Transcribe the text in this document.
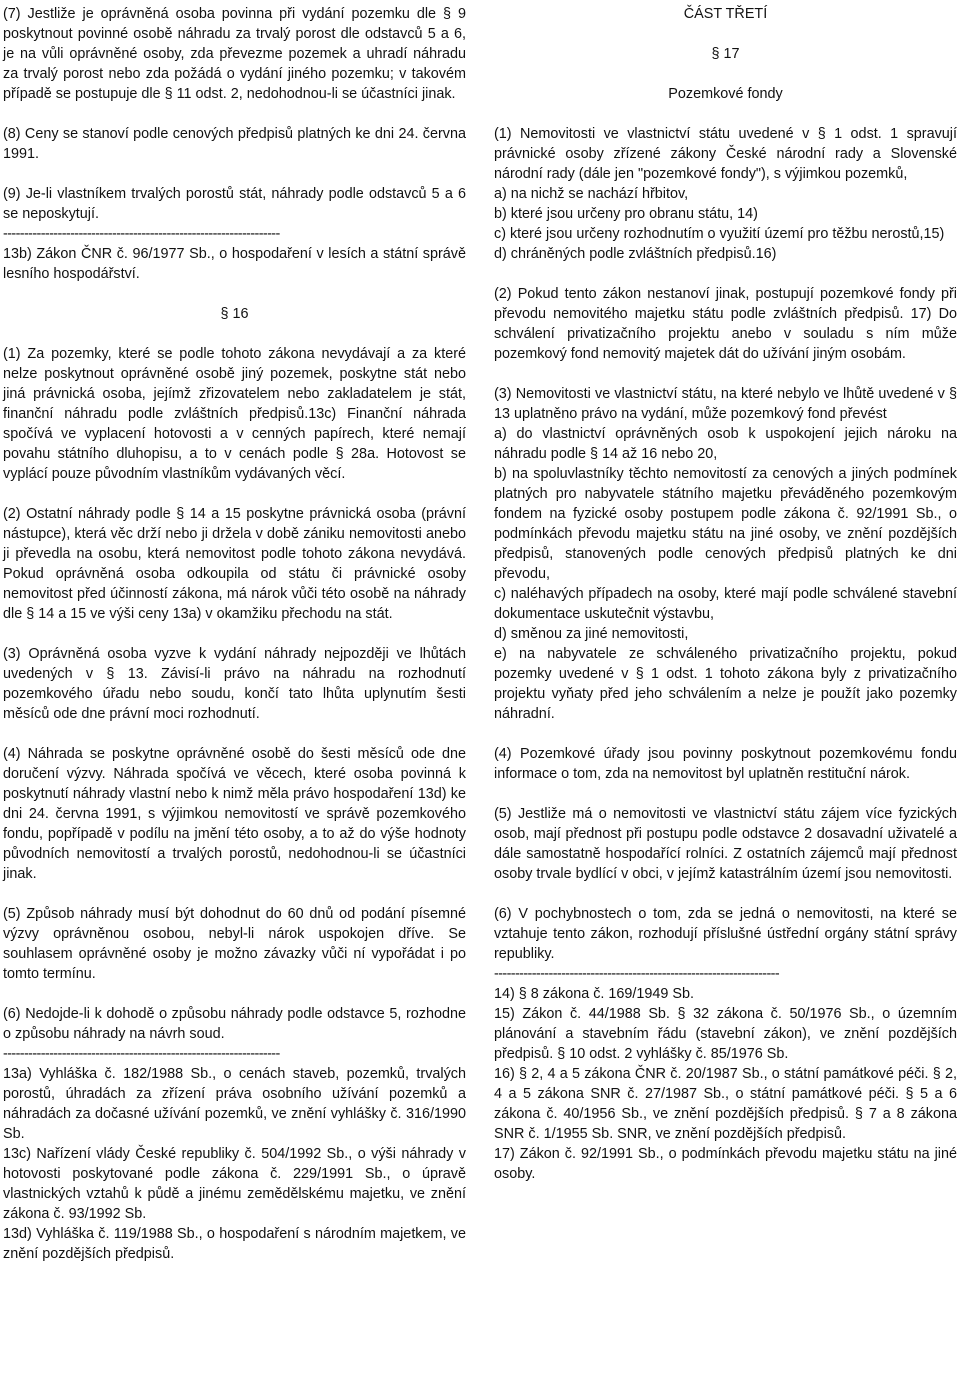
(7) Jestliže je oprávněná osoba povinna při vydání pozemku dle § 9 poskytnout povinné osobě náhradu za trvalý porost dle odstavců 5 a 6, je na vůli oprávněné osoby, zda převezme pozemek a uhradí náhradu za trvalý porost nebo zda požádá o vydání jiného pozemku; v takovém případě se postupuje dle § 11 odst. 2, nedohodnou-li se účastníci jinak.

(8) Ceny se stanoví podle cenových předpisů platných ke dni 24. června 1991.

(9) Je-li vlastníkem trvalých porostů stát, náhrady podle odstavců 5 a 6 se neposkytují.

------------------------------------------------------------------

13b) Zákon ČNR č. 96/1977 Sb., o hospodaření v lesích a státní správě lesního hospodářství.

§ 16

(1) Za pozemky, které se podle tohoto zákona nevydávají a za které nelze poskytnout oprávněné osobě jiný pozemek, poskytne stát nebo jiná právnická osoba, jejímž zřizovatelem nebo zakladatelem je stát, finanční náhradu podle zvláštních předpisů.13c) Finanční náhrada spočívá ve vyplacení hotovosti a v cenných papírech, které nemají povahu státního dluhopisu, a to v cenách podle § 28a. Hotovost se vyplácí pouze původním vlastníkům vydávaných věcí.

(2) Ostatní náhrady podle § 14 a 15 poskytne právnická osoba (právní nástupce), která věc drží nebo ji držela v době zániku nemovitosti anebo ji převedla na osobu, která nemovitost podle tohoto zákona nevydává. Pokud oprávněná osoba odkoupila od státu či právnické osoby nemovitost před účinností zákona, má nárok vůči této osobě na náhrady dle § 14 a 15 ve výši ceny 13a) v okamžiku přechodu na stát.

(3) Oprávněná osoba vyzve k vydání náhrady nejpozději ve lhůtách uvedených v § 13. Závisí-li právo na náhradu na rozhodnutí pozemkového úřadu nebo soudu, končí tato lhůta uplynutím šesti měsíců ode dne právní moci rozhodnutí.

(4) Náhrada se poskytne oprávněné osobě do šesti měsíců ode dne doručení výzvy. Náhrada spočívá ve věcech, které osoba povinná k poskytnutí náhrady vlastní nebo k nimž měla právo hospodaření 13d) ke dni 24. června 1991, s výjimkou nemovitostí ve správě pozemkového fondu, popřípadě v podílu na jmění této osoby, a to až do výše hodnoty původních nemovitostí a trvalých porostů, nedohodnou-li se účastníci jinak.

(5) Způsob náhrady musí být dohodnut do 60 dnů od podání písemné výzvy oprávněnou osobou, nebyl-li nárok uspokojen dříve. Se souhlasem oprávněné osoby je možno závazky vůči ní vypořádat i po tomto termínu.

(6) Nedojde-li k dohodě o způsobu náhrady podle odstavce 5, rozhodne o způsobu náhrady na návrh soud.

------------------------------------------------------------------

13a) Vyhláška č. 182/1988 Sb., o cenách staveb, pozemků, trvalých porostů, úhradách za zřízení práva osobního užívání pozemků a náhradách za dočasné užívání pozemků, ve znění vyhlášky č. 316/1990 Sb.

13c) Nařízení vlády České republiky č. 504/1992 Sb., o výši náhrady v hotovosti poskytované podle zákona č. 229/1991 Sb., o úpravě vlastnických vztahů k půdě a jinému zemědělskému majetku, ve znění zákona č. 93/1992 Sb.

13d) Vyhláška č. 119/1988 Sb., o hospodaření s národním majetkem, ve znění pozdějších předpisů.

ČÁST TŘETÍ

§ 17

Pozemkové fondy

(1) Nemovitosti ve vlastnictví státu uvedené v § 1 odst. 1 spravují právnické osoby zřízené zákony České národní rady a Slovenské národní rady (dále jen "pozemkové fondy"), s výjimkou pozemků,

a) na nichž se nachází hřbitov,

b) které jsou určeny pro obranu státu, 14)

c) které jsou určeny rozhodnutím o využití území pro těžbu nerostů,15)

d) chráněných podle zvláštních předpisů.16)

(2) Pokud tento zákon nestanoví jinak, postupují pozemkové fondy při převodu nemovitého majetku státu podle zvláštních předpisů. 17) Do schválení privatizačního projektu anebo v souladu s ním může pozemkový fond nemovitý majetek dát do užívání jiným osobám.

(3) Nemovitosti ve vlastnictví státu, na které nebylo ve lhůtě uvedené v § 13 uplatněno právo na vydání, může pozemkový fond převést

a) do vlastnictví oprávněných osob k uspokojení jejich nároku na náhradu podle § 14 až 16 nebo 20,

b) na spoluvlastníky těchto nemovitostí za cenových a jiných podmínek platných pro nabyvatele státního majetku převáděného pozemkovým fondem na fyzické osoby postupem podle zákona č. 92/1991 Sb., o podmínkách převodu majetku státu na jiné osoby, ve znění pozdějších předpisů, stanovených podle cenových předpisů platných ke dni převodu,

c) naléhavých případech na osoby, které mají podle schválené stavební dokumentace uskutečnit výstavbu,

d) směnou za jiné nemovitosti,

e) na nabyvatele ze schváleného privatizačního projektu, pokud pozemky uvedené v § 1 odst. 1 tohoto zákona byly z privatizačního projektu vyňaty před jeho schválením a nelze je použít jako pozemky náhradní.

(4) Pozemkové úřady jsou povinny poskytnout pozemkovému fondu informace o tom, zda na nemovitost byl uplatněn restituční nárok.

(5) Jestliže má o nemovitosti ve vlastnictví státu zájem více fyzických osob, mají přednost při postupu podle odstavce 2 dosavadní uživatelé a dále samostatně hospodařící rolníci. Z ostatních zájemců mají přednost osoby trvale bydlící v obci, v jejímž katastrálním území jsou nemovitosti.

(6) V pochybnostech o tom, zda se jedná o nemovitosti, na které se vztahuje tento zákon, rozhodují příslušné ústřední orgány státní správy republiky.

--------------------------------------------------------------------

14) § 8 zákona č. 169/1949 Sb.

15) Zákon č. 44/1988 Sb. § 32 zákona č. 50/1976 Sb., o územním plánování a stavebním řádu (stavební zákon), ve znění pozdějších předpisů. § 10 odst. 2 vyhlášky č. 85/1976 Sb.

16) § 2, 4 a 5 zákona ČNR č. 20/1987 Sb., o státní památkové péči. § 2, 4 a 5 zákona SNR č. 27/1987 Sb., o státní památkové péči. § 5 a 6 zákona č. 40/1956 Sb., ve znění pozdějších předpisů. § 7 a 8 zákona SNR č. 1/1955 Sb. SNR, ve znění pozdějších předpisů.

17) Zákon č. 92/1991 Sb., o podmínkách převodu majetku státu na jiné osoby.
